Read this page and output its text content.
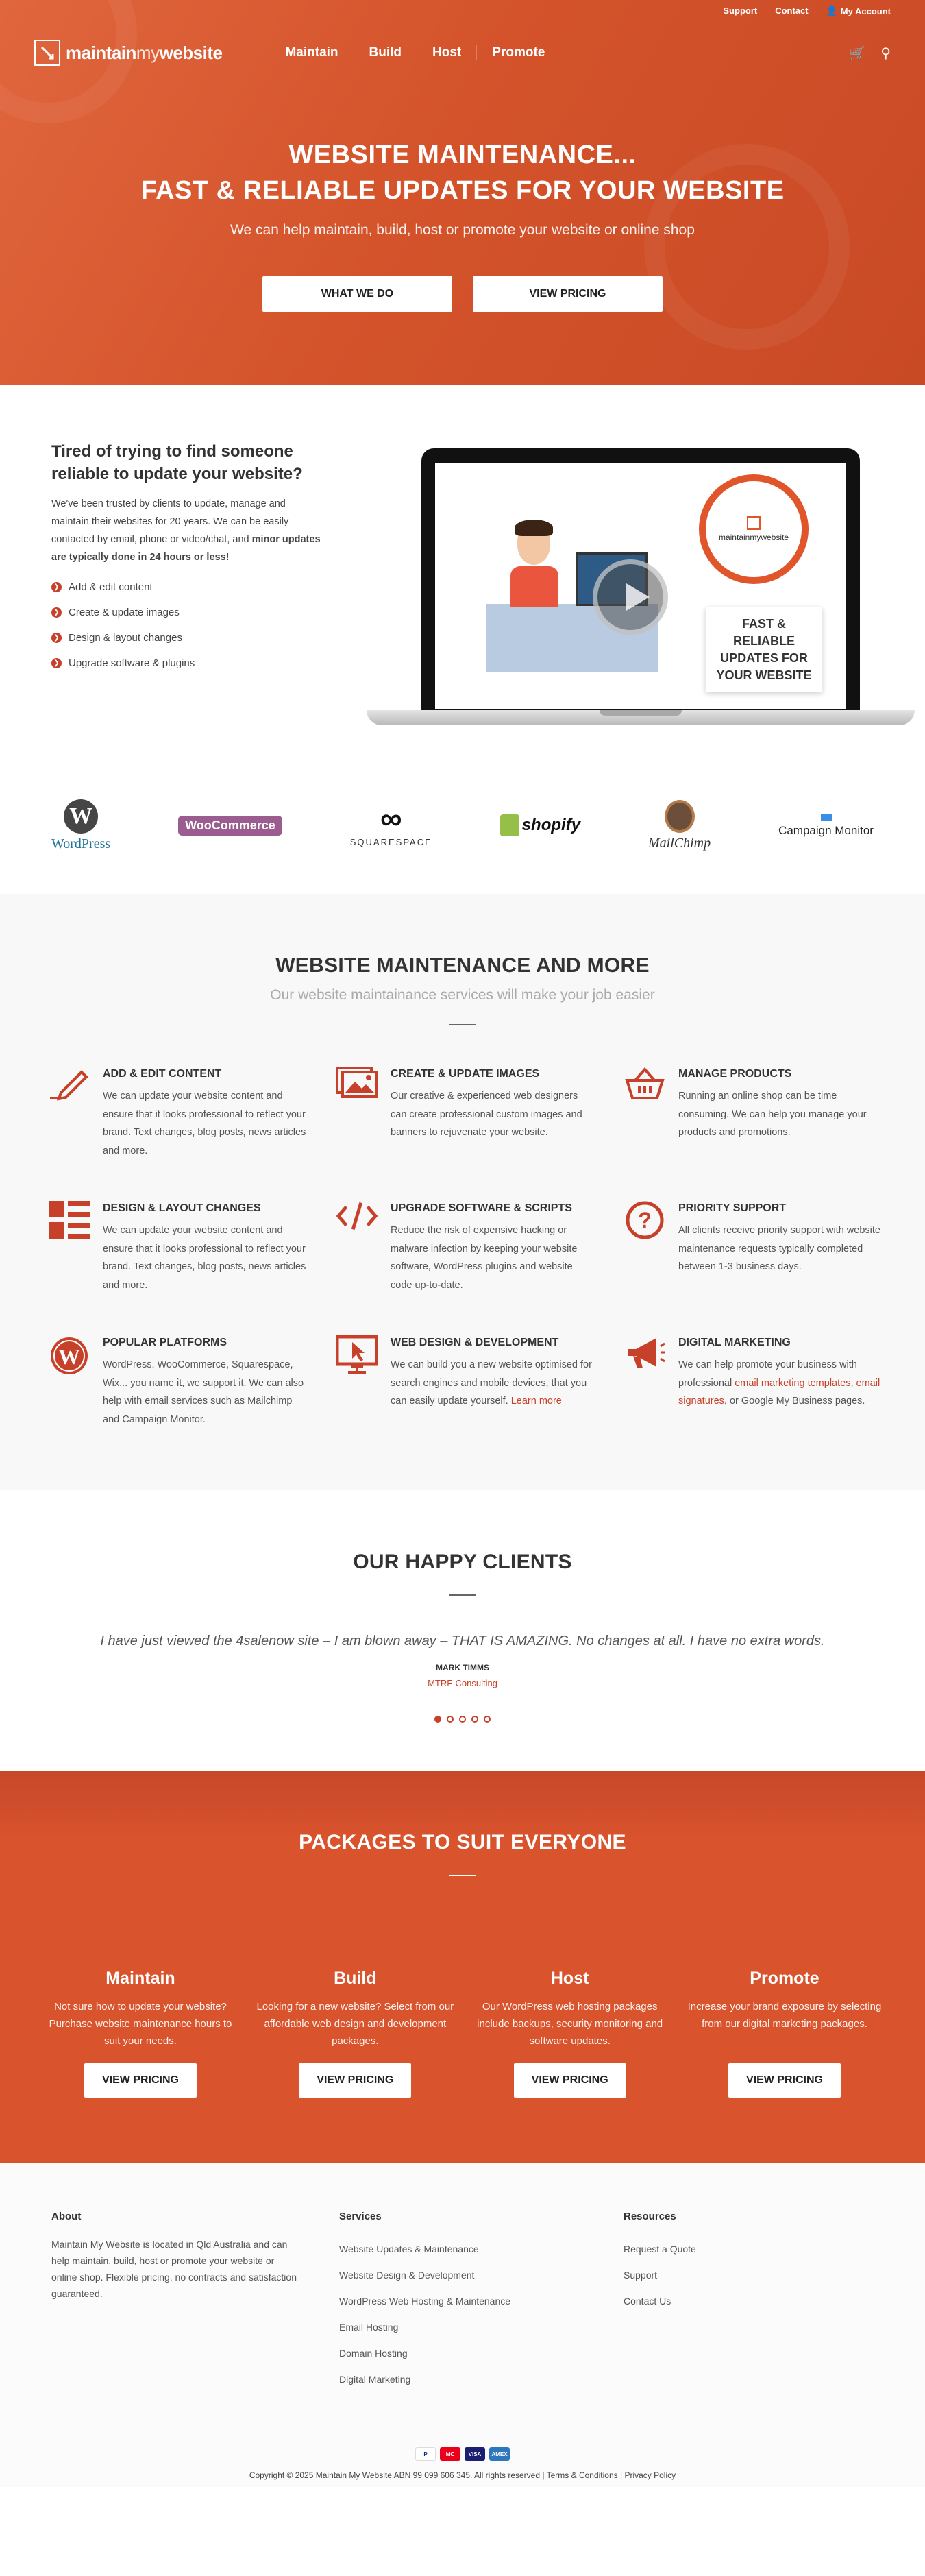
Support Contact 👤 My Account
maintainmywebsite	Maintain	Build	Host	Promote	🛒 ⚲
WEBSITE MAINTENANCE...
FAST & RELIABLE UPDATES FOR YOUR WEBSITE

We can help maintain, build, host or promote your website or online shop

WHAT WE DO	VIEW PRICING
Tired of trying to find someone reliable to update your website?

We've been trusted by clients to update, manage and maintain their websites for 20 years. We can be easily contacted by email, phone or video/chat, and minor updates are typically done in 24 hours or less!

❯ Add & edit content
❯ Create & update images
❯ Design & layout changes
❯ Upgrade software & plugins
maintainmywebsite
FAST & RELIABLE UPDATES FOR YOUR WEBSITE
W
WordPress
WooCommerce	∞
SQUARESPACE
shopify
MailChimp
Campaign Monitor
WEBSITE MAINTENANCE AND MORE

Our website maintainance services will make your job easier

ADD & EDIT CONTENT

We can update your website content and ensure that it looks professional to reflect your brand. Text changes, blog posts, news articles and more.

CREATE & UPDATE IMAGES

Our creative & experienced web designers can create professional custom images and banners to rejuvenate your website.

MANAGE PRODUCTS

Running an online shop can be time consuming. We can help you manage your products and promotions.

DESIGN & LAYOUT CHANGES

We can update your website content and ensure that it looks professional to reflect your brand. Text changes, blog posts, news articles and more.

UPGRADE SOFTWARE & SCRIPTS

Reduce the risk of expensive hacking or malware infection by keeping your website software, WordPress plugins and website code up-to-date.

? PRIORITY SUPPORT

All clients receive priority support with website maintenance requests typically completed between 1-3 business days.

W
POPULAR PLATFORMS

WordPress, WooCommerce, Squarespace, Wix... you name it, we support it. We can also help with email services such as Mailchimp and Campaign Monitor.

WEB DESIGN & DEVELOPMENT

We can build you a new website optimised for search engines and mobile devices, that you can easily update yourself. Learn more

DIGITAL MARKETING

We can help promote your business with professional email marketing templates, email signatures, or Google My Business pages.

OUR HAPPY CLIENTS

I have just viewed the 4salenow site – I am blown away – THAT IS AMAZING. No changes at all. I have no extra words.

MARK TIMMS

MTRE Consulting

PACKAGES TO SUIT EVERYONE
Maintain

Not sure how to update your website? Purchase website maintenance hours to suit your needs.

VIEW PRICING
Build

Looking for a new website? Select from our affordable web design and development packages.

VIEW PRICING
Host

Our WordPress web hosting packages include backups, security monitoring and software updates.

VIEW PRICING
Promote

Increase your brand exposure by selecting from our digital marketing packages.

VIEW PRICING
About

Maintain My Website is located in Qld Australia and can help maintain, build, host or promote your website or online shop. Flexible pricing, no contracts and satisfaction guaranteed.

Services
Website Updates & Maintenance
Website Design & Development
WordPress Web Hosting & Maintenance
Email Hosting
Domain Hosting
Digital Marketing
Resources
Request a Quote
Support
Contact Us
P	MC	VISA	AMEX

Copyright © 2025 Maintain My Website ABN 99 099 606 345. All rights reserved | Terms & Conditions | Privacy Policy
